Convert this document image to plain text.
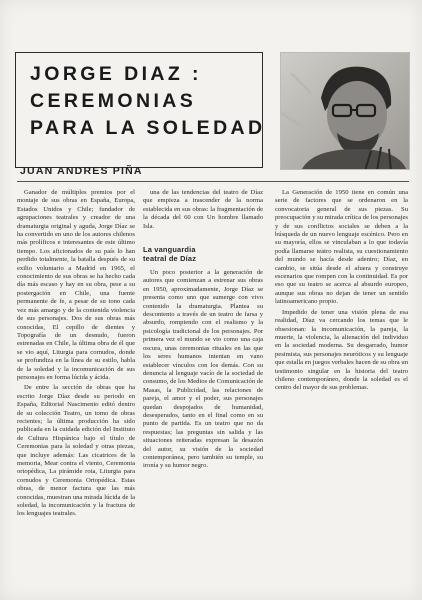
JORGE DIAZ :
CEREMONIAS
PARA LA SOLEDAD

JUAN ANDRES PIÑA

Ganador de múltiples premios por el montaje de sus obras en España, Europa, Estados Unidos y Chile; fundador de agrupaciones teatrales y creador de una dramaturgia original y aguda, Jorge Díaz se ha convertido en uno de los autores chilenos más prolíficos e interesantes de este último tiempo. Los aficionados de su país lo han perdido totalmente, la batalla después de su exilio voluntario a Madrid en 1965, el conocimiento de sus obras se ha hecho cada día más escaso y hay en su obra, pese a su postergación en Chile, una fuente permanente de fe, a pesar de su tono cada vez más amargo y de la contenida violencia de sus personajes. Dos de sus obras más conocidas, El cepillo de dientes y Topografía de un desnudo, fueron estrenadas en Chile, la última obra de él que se vio aquí, Liturgia para cornudos, donde se profundiza en la línea de su estilo, habla de la soledad y la incomunicación de sus personajes en forma lúcida y ácida.

De entre la sección de obras que ha escrito Jorge Díaz desde su periodo en España, Editorial Nascimento editó dentro de su colección Teatro, un tomo de obras recientes; la última producción ha sido publicada en la cuidada edición del Instituto de Cultura Hispánica bajo el título de Ceremonias para la soledad y otras piezas, que incluye además: Las cicatrices de la memoria, Mear contra el viento, Ceremonia ortopédica, La pirámide rota, Liturgia para cornudos y Ceremonia Ortopédica. Estas obras, de menor factura que las más conocidas, muestran una mirada lúcida de la soledad, la incomunicación y la fractura de los lenguajes teatrales.

una de las tendencias del teatro de Díaz que empieza a trascender de la norma establecida en sus obras: la fragmentación de la década del 60 con Un hombre llamado Isla.

La vanguardia
teatral de Díaz

Un poco posterior a la generación de autores que comienzan a estrenar sus obras en 1950, aproximadamente, Jorge Díaz se presenta como uno que sumerge con vivo contenido la dramaturgia. Plantea su descontento a través de un teatro de farsa y absurdo, rompiendo con el realismo y la psicología tradicional de los personajes. Por primera vez el mundo se vio como una caja oscura, unas ceremonias rituales en las que los seres humanos intentan en vano establecer vínculos con los demás. Con su denuncia al lenguaje vacío de la sociedad de consumo, de los Medios de Comunicación de Masas, la Publicidad, las relaciones de pareja, el amor y el poder, sus personajes quedan despojados de humanidad, desesperados, tanto en el final como en su punto de partida. Es un teatro que no da respuestas; las preguntas sin salida y las situaciones reiteradas expresan la desazón del autor, su visión de la sociedad contemporánea, pero también su temple, su ironía y su humor negro.

La Generación de 1950 tiene en común una serie de factores que se ordenaron en la convocatoria general de sus piezas. Su preocupación y su mirada crítica de los personajes y de sus conflictos sociales se deben a la búsqueda de un nuevo lenguaje escénico. Pero en su mayoría, ellos se vinculaban a lo que todavía podía llamarse teatro realista, su cuestionamiento del mundo se hacía desde adentro; Díaz, en cambio, se sitúa desde el afuera y construye escenarios que rompen con la continuidad. Es por eso que su teatro se acerca al absurdo europeo, aunque sus obras no dejan de tener un sentido latinoamericano propio.

Impedido de tener una visión plena de esa realidad, Díaz va cercando los temas que le obsesionan: la incomunicación, la pareja, la muerte, la violencia, la alienación del individuo en la sociedad moderna. Su desgarrado, humor pesimista, sus personajes neuróticos y su lenguaje que estalla en juegos verbales hacen de su obra un testimonio singular en la historia del teatro chileno contemporáneo, donde la soledad es el centro del mayor de sus problemas.
